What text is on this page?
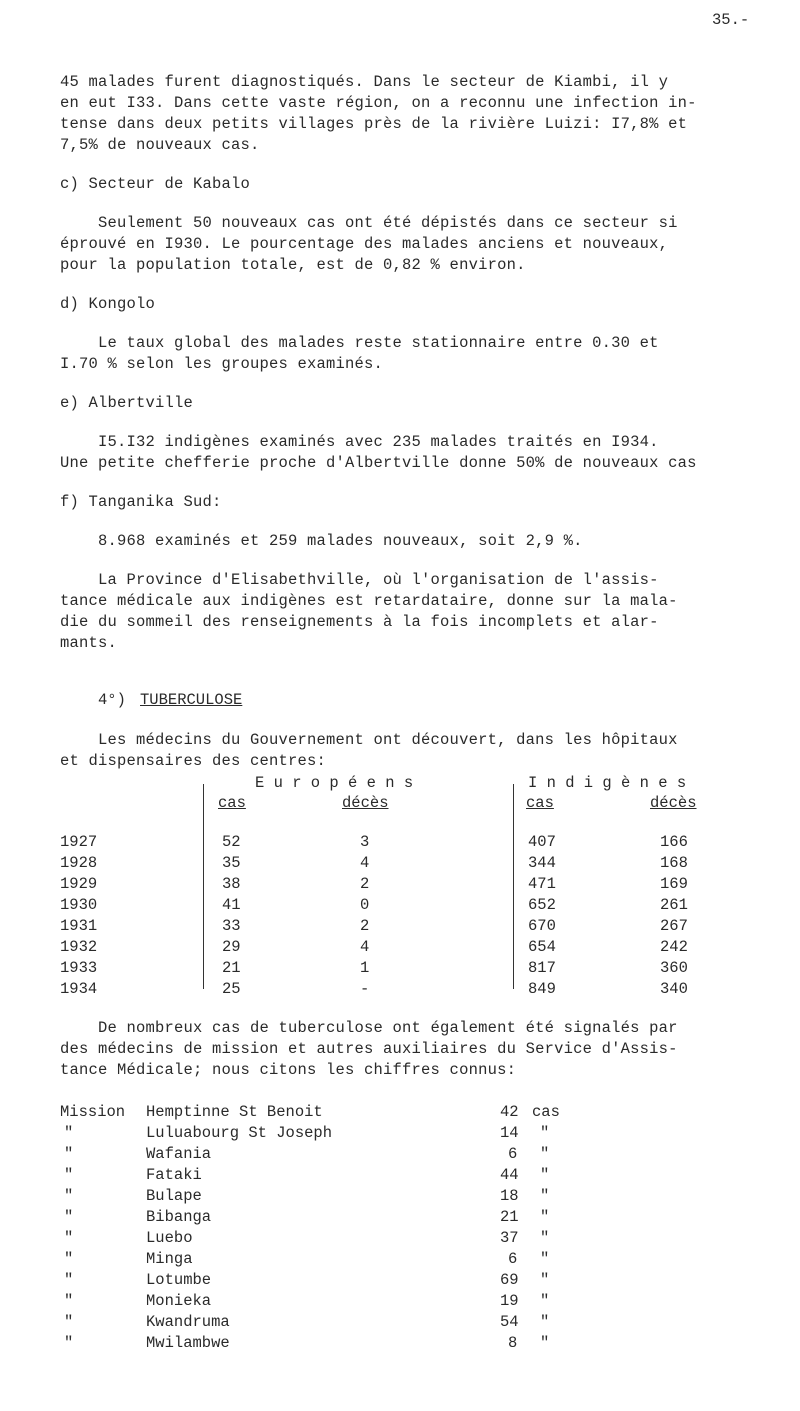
35.-
45 malades furent diagnostiqués. Dans le secteur de Kiambi, il y
en eut I33. Dans cette vaste région, on a reconnu une infection in-
tense dans deux petits villages près de la rivière Luizi: I7,8% et
7,5% de nouveaux cas.
c) Secteur de Kabalo
Seulement 50 nouveaux cas ont été dépistés dans ce secteur si
éprouvé en I930. Le pourcentage des malades anciens et nouveaux,
pour la population totale, est de 0,82 % environ.
d) Kongolo
Le taux global des malades reste stationnaire entre 0.30 et
I.70 % selon les groupes examinés.
e) Albertville
I5.I32 indigènes examinés avec 235 malades traités en I934.
Une petite chefferie proche d'Albertville donne 50% de nouveaux cas
f) Tanganika Sud:
8.968 examinés et 259 malades nouveaux, soit 2,9 %.
La Province d'Elisabethville, où l'organisation de l'assis-
tance médicale aux indigènes est retardataire, donne sur la mala-
die du sommeil des renseignements à la fois incomplets et alar-
mants.
4°) TUBERCULOSE
Les médecins du Gouvernement ont découvert, dans les hôpitaux
et dispensaires des centres:
E u r o p é e n s	I n d i g è n e s
cas	décès	cas	décès
1927	52	3	407	166
1928	35	4	344	168
1929	38	2	471	169
1930	41	0	652	261
1931	33	2	670	267
1932	29	4	654	242
1933	21	1	817	360
1934	25	-	849	340
De nombreux cas de tuberculose ont également été signalés par
des médecins de mission et autres auxiliaires du Service d'Assis-
tance Médicale; nous citons les chiffres connus:
Mission Hemptinne St Benoit	42 cas
"	Luluabourg St Joseph	14 "
"	Wafania	6 "
"	Fataki	44 "
"	Bulape	18 "
"	Bibanga	21 "
"	Luebo	37 "
"	Minga	6 "
"	Lotumbe	69 "
"	Monieka	19 "
"	Kwandruma	54 "
"	Mwilambwe	8 "
